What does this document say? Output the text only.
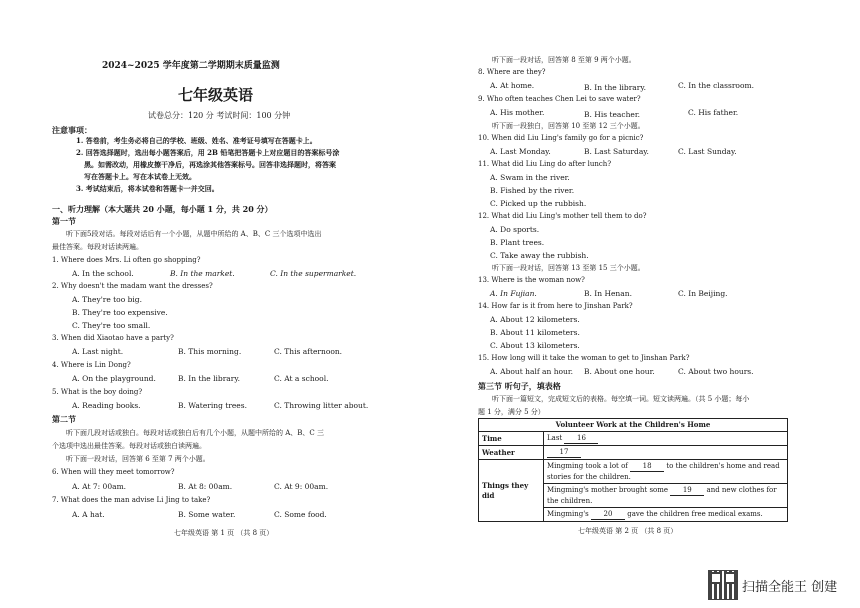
2024~2025 学年度第二学期期末质量监测
七年级英语
试卷总分：120 分 考试时间：100 分钟
注意事项：
1. 答卷前，考生务必将自己的学校、班级、姓名、准考证号填写在答题卡上。
2. 回答选择题时，选出每小题答案后，用 2B 铅笔把答题卡上对应题目的答案标号涂
黑。如需改动，用橡皮擦干净后，再选涂其他答案标号。回答非选择题时，将答案
写在答题卡上。写在本试卷上无效。
3. 考试结束后，将本试卷和答题卡一并交回。
一、听力理解（本大题共 20 小题，每小题 1 分，共 20 分）
第一节
听下面5段对话。每段对话后有一个小题，从题中所给的 A、B、C 三个选项中选出
最佳答案。每段对话读两遍。
1. Where does Mrs. Li often go shopping?
A. In the school.	B. In the market.	C. In the supermarket.
2. Why doesn't the madam want the dresses?
A. They're too big.
B. They're too expensive.
C. They're too small.
3. When did Xiaotao have a party?
A. Last night.	B. This morning.	C. This afternoon.
4. Where is Lin Dong?
A. On the playground.	B. In the library.	C. At a school.
5. What is the boy doing?
A. Reading books.	B. Watering trees.	C. Throwing litter about.
第二节
听下面几段对话或独白。每段对话或独白后有几个小题，从题中所给的 A、B、C 三
个选项中选出最佳答案。每段对话或独白读两遍。
听下面一段对话，回答第 6 至第 7 两个小题。
6. When will they meet tomorrow?
A. At 7: 00am.	B. At 8: 00am.	C. At 9: 00am.
7. What does the man advise Li Jing to take?
A. A hat.	B. Some water.	C. Some food.
七年级英语 第 1 页 （共 8 页）
听下面一段对话，回答第 8 至第 9 两个小题。
8. Where are they?
A. At home.	B. In the library.	C. In the classroom.
9. Who often teaches Chen Lei to save water?
A. His mother.	B. His teacher.	C. His father.
听下面一段独白，回答第 10 至第 12 三个小题。
10. When did Liu Ling's family go for a picnic?
A. Last Monday.	B. Last Saturday.	C. Last Sunday.
11. What did Liu Ling do after lunch?
A. Swam in the river.
B. Fished by the river.
C. Picked up the rubbish.
12. What did Liu Ling's mother tell them to do?
A. Do sports.
B. Plant trees.
C. Take away the rubbish.
听下面一段对话，回答第 13 至第 15 三个小题。
13. Where is the woman now?
A. In Fujian.	B. In Henan.	C. In Beijing.
14. How far is it from here to Jinshan Park?
A. About 12 kilometers.
B. About 11 kilometers.
C. About 13 kilometers.
15. How long will it take the woman to get to Jinshan Park?
A. About half an hour. B. About one hour.	C. About two hours.
第三节 听句子，填表格
听下面一篇短文，完成短文后的表格。每空填一词。短文读两遍。（共 5 小题；每小
题 1 分，满分 5 分）
Volunteer Work at the Children's Home	
Time	Last 16
Weather	17
Things they did	Mingming took a lot of 18 to the children's home and read
stories for the children.
	Mingming's mother brought some 19 and new clothes for
the children.
	Mingming's 20 gave the children free medical exams.
七年级英语 第 2 页 （共 8 页）
扫描全能王 创建
